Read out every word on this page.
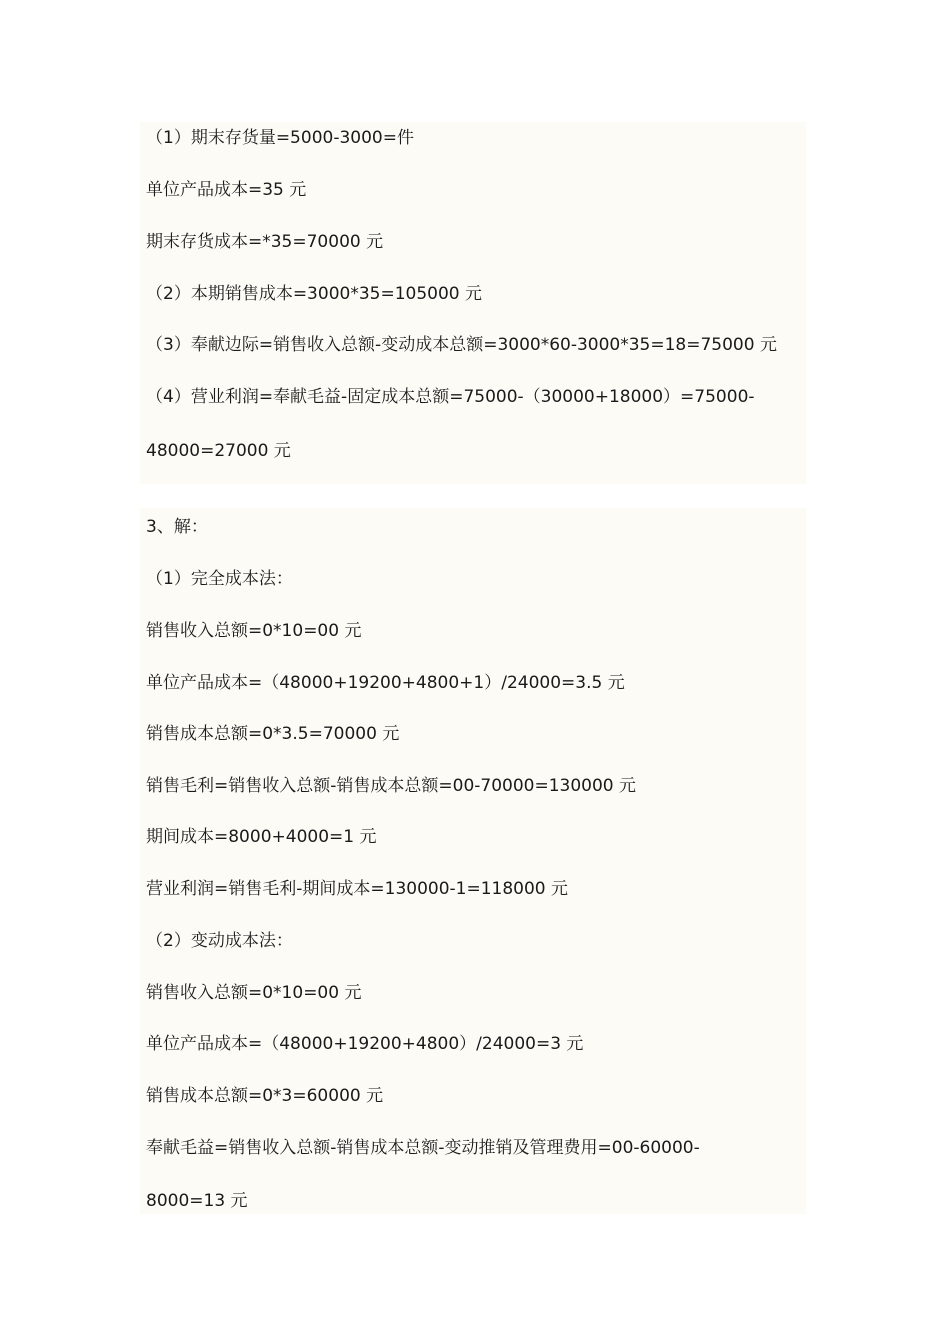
（1）期末存货量=5000-3000=件
单位产品成本=35 元
期末存货成本=*35=70000 元
（2）本期销售成本=3000*35=105000 元
（3）奉献边际=销售收入总额-变动成本总额=3000*60-3000*35=18=75000 元
（4）营业利润=奉献毛益-固定成本总额=75000-（30000+18000）=75000-
48000=27000 元
3、解：
（1）完全成本法：
销售收入总额=0*10=00 元
单位产品成本=（48000+19200+4800+1）/24000=3.5 元
销售成本总额=0*3.5=70000 元
销售毛利=销售收入总额-销售成本总额=00-70000=130000 元
期间成本=8000+4000=1 元
营业利润=销售毛利-期间成本=130000-1=118000 元
（2）变动成本法：
销售收入总额=0*10=00 元
单位产品成本=（48000+19200+4800）/24000=3 元
销售成本总额=0*3=60000 元
奉献毛益=销售收入总额-销售成本总额-变动推销及管理费用=00-60000-
8000=13 元
